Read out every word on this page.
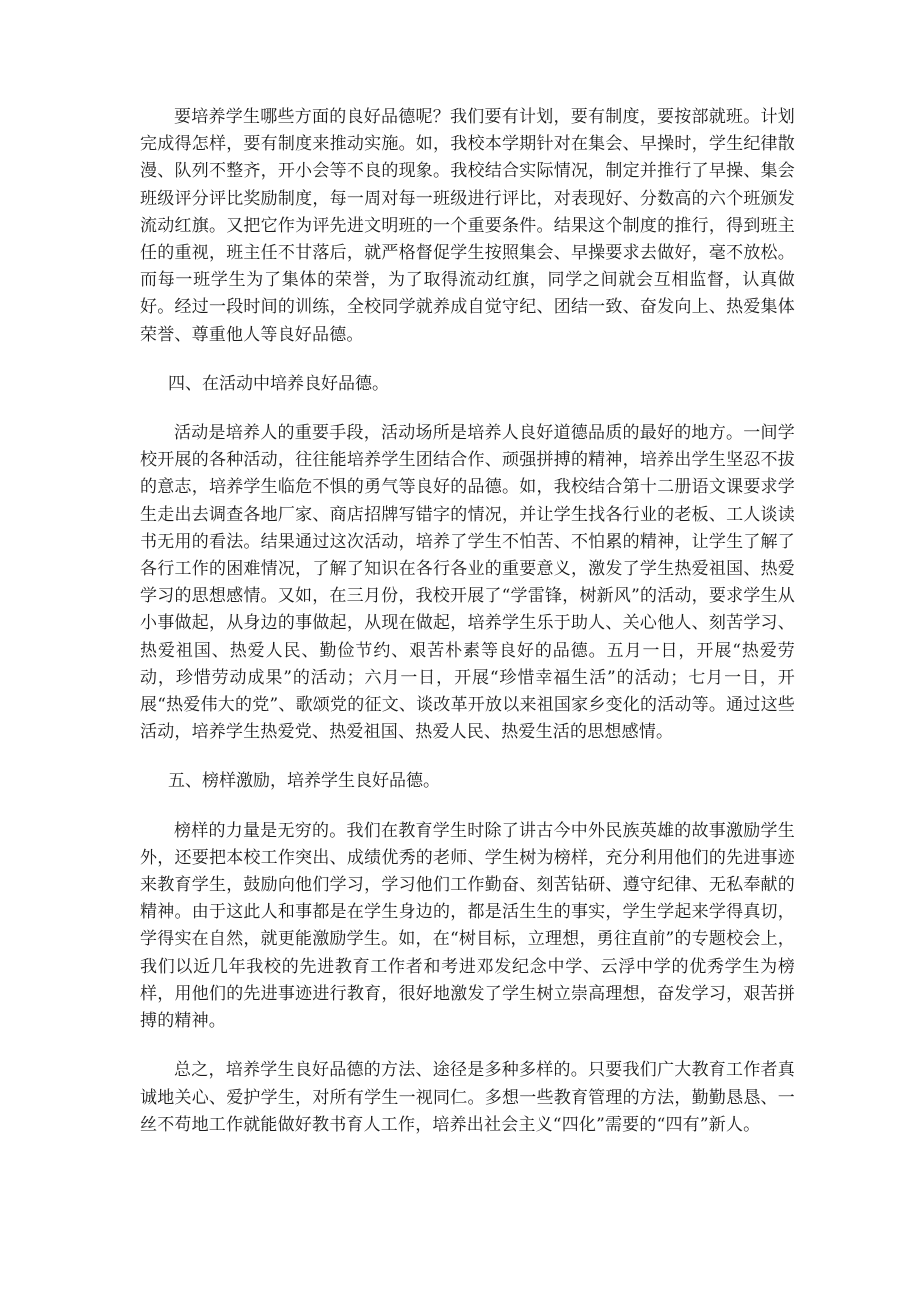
要培养学生哪些方面的良好品德呢？我们要有计划，要有制度，要按部就班。计划完成得怎样，要有制度来推动实施。如，我校本学期针对在集会、早操时，学生纪律散漫、队列不整齐，开小会等不良的现象。我校结合实际情况，制定并推行了早操、集会班级评分评比奖励制度，每一周对每一班级进行评比，对表现好、分数高的六个班颁发流动红旗。又把它作为评先进文明班的一个重要条件。结果这个制度的推行，得到班主任的重视，班主任不甘落后，就严格督促学生按照集会、早操要求去做好，毫不放松。而每一班学生为了集体的荣誉，为了取得流动红旗，同学之间就会互相监督，认真做好。经过一段时间的训练，全校同学就养成自觉守纪、团结一致、奋发向上、热爱集体荣誉、尊重他人等良好品德。

四、在活动中培养良好品德。

活动是培养人的重要手段，活动场所是培养人良好道德品质的最好的地方。一间学校开展的各种活动，往往能培养学生团结合作、顽强拼搏的精神，培养出学生坚忍不拔的意志，培养学生临危不惧的勇气等良好的品德。如，我校结合第十二册语文课要求学生走出去调查各地厂家、商店招牌写错字的情况，并让学生找各行业的老板、工人谈读书无用的看法。结果通过这次活动，培养了学生不怕苦、不怕累的精神，让学生了解了各行工作的困难情况，了解了知识在各行各业的重要意义，激发了学生热爱祖国、热爱学习的思想感情。又如，在三月份，我校开展了“学雷锋，树新风”的活动，要求学生从小事做起，从身边的事做起，从现在做起，培养学生乐于助人、关心他人、刻苦学习、热爱祖国、热爱人民、勤俭节约、艰苦朴素等良好的品德。五月一日，开展“热爱劳动，珍惜劳动成果”的活动；六月一日，开展“珍惜幸福生活”的活动；七月一日，开展“热爱伟大的党”、歌颂党的征文、谈改革开放以来祖国家乡变化的活动等。通过这些活动，培养学生热爱党、热爱祖国、热爱人民、热爱生活的思想感情。

五、榜样激励，培养学生良好品德。

榜样的力量是无穷的。我们在教育学生时除了讲古今中外民族英雄的故事激励学生外，还要把本校工作突出、成绩优秀的老师、学生树为榜样，充分利用他们的先进事迹来教育学生，鼓励向他们学习，学习他们工作勤奋、刻苦钻研、遵守纪律、无私奉献的精神。由于这此人和事都是在学生身边的，都是活生生的事实，学生学起来学得真切，学得实在自然，就更能激励学生。如，在“树目标，立理想，勇往直前”的专题校会上，我们以近几年我校的先进教育工作者和考进邓发纪念中学、云浮中学的优秀学生为榜样，用他们的先进事迹进行教育，很好地激发了学生树立崇高理想，奋发学习，艰苦拼搏的精神。

总之，培养学生良好品德的方法、途径是多种多样的。只要我们广大教育工作者真诚地关心、爱护学生，对所有学生一视同仁。多想一些教育管理的方法，勤勤恳恳、一丝不苟地工作就能做好教书育人工作，培养出社会主义“四化”需要的“四有”新人。
